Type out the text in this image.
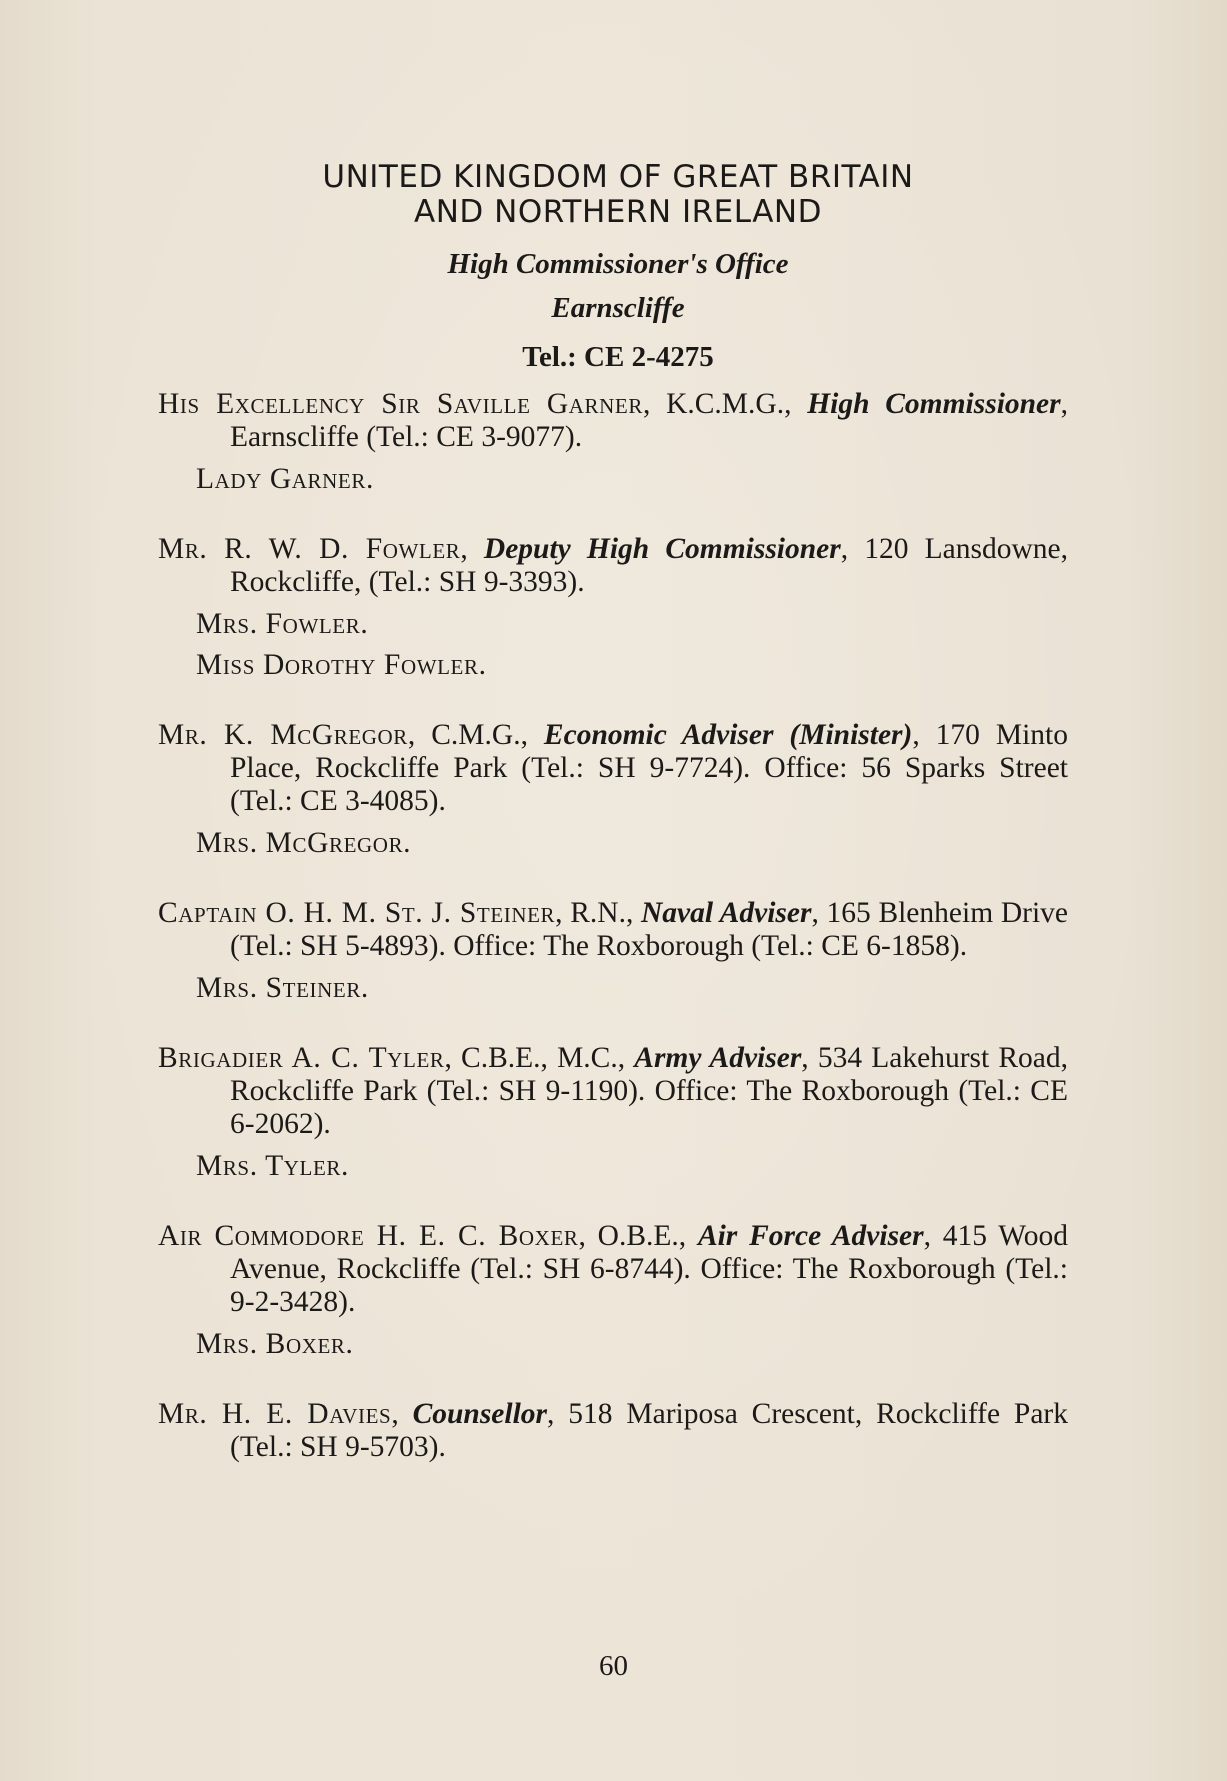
UNITED KINGDOM OF GREAT BRITAIN
AND NORTHERN IRELAND
High Commissioner's Office
Earnscliffe
Tel.: CE 2-4275
His Excellency Sir Saville Garner, K.C.M.G., High Commissioner, Earnscliffe (Tel.: CE 3-9077).
Lady Garner.
Mr. R. W. D. Fowler, Deputy High Commissioner, 120 Lansdowne, Rockcliffe, (Tel.: SH 9-3393).
Mrs. Fowler.
Miss Dorothy Fowler.
Mr. K. McGregor, C.M.G., Economic Adviser (Minister), 170 Minto Place, Rockcliffe Park (Tel.: SH 9-7724). Office: 56 Sparks Street (Tel.: CE 3-4085).
Mrs. McGregor.
Captain O. H. M. St. J. Steiner, R.N., Naval Adviser, 165 Blenheim Drive (Tel.: SH 5-4893). Office: The Roxborough (Tel.: CE 6-1858).
Mrs. Steiner.
Brigadier A. C. Tyler, C.B.E., M.C., Army Adviser, 534 Lakehurst Road, Rockcliffe Park (Tel.: SH 9-1190). Office: The Roxborough (Tel.: CE 6-2062).
Mrs. Tyler.
Air Commodore H. E. C. Boxer, O.B.E., Air Force Adviser, 415 Wood Avenue, Rockcliffe (Tel.: SH 6-8744). Office: The Roxborough (Tel.: 9-2-3428).
Mrs. Boxer.
Mr. H. E. Davies, Counsellor, 518 Mariposa Crescent, Rockcliffe Park (Tel.: SH 9-5703).
60
